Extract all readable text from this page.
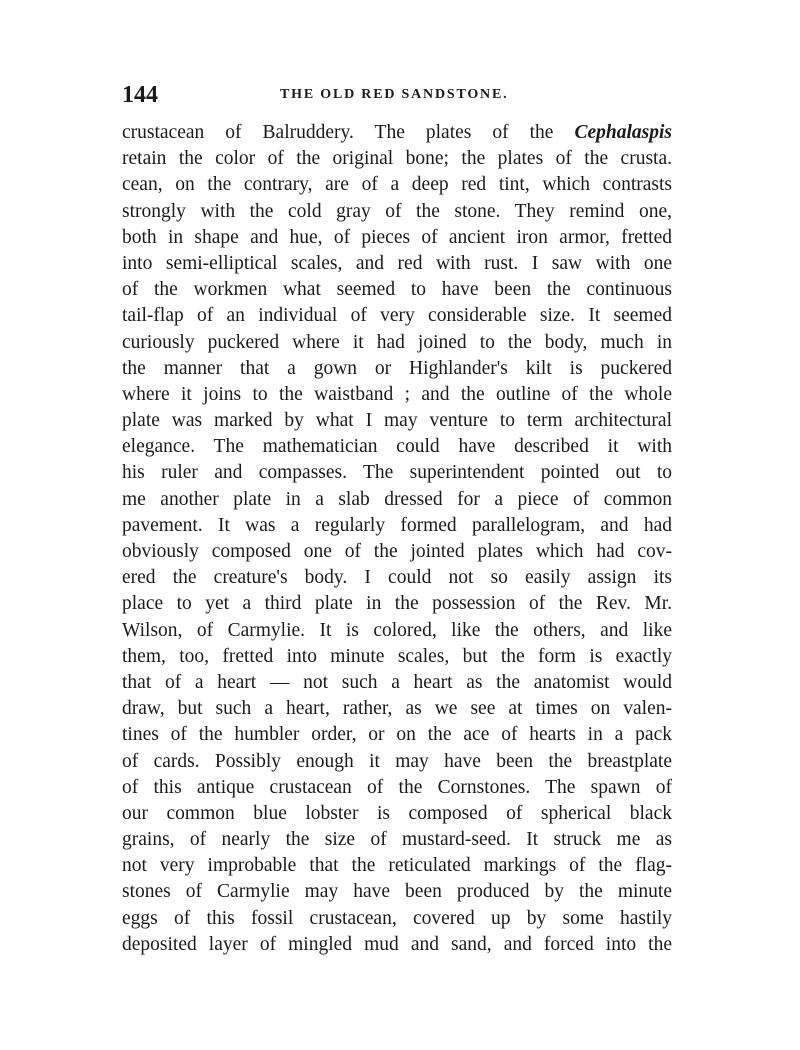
144	THE OLD RED SANDSTONE.
crustacean of Balruddery. The plates of the Cephalaspis
retain the color of the original bone; the plates of the crusta.
cean, on the contrary, are of a deep red tint, which contrasts
strongly with the cold gray of the stone. They remind one,
both in shape and hue, of pieces of ancient iron armor, fretted
into semi-elliptical scales, and red with rust. I saw with one
of the workmen what seemed to have been the continuous
tail-flap of an individual of very considerable size. It seemed
curiously puckered where it had joined to the body, much in
the manner that a gown or Highlander's kilt is puckered
where it joins to the waistband ; and the outline of the whole
plate was marked by what I may venture to term architectural
elegance. The mathematician could have described it with
his ruler and compasses. The superintendent pointed out to
me another plate in a slab dressed for a piece of common
pavement. It was a regularly formed parallelogram, and had
obviously composed one of the jointed plates which had cov-
ered the creature's body. I could not so easily assign its
place to yet a third plate in the possession of the Rev. Mr.
Wilson, of Carmylie. It is colored, like the others, and like
them, too, fretted into minute scales, but the form is exactly
that of a heart — not such a heart as the anatomist would
draw, but such a heart, rather, as we see at times on valen-
tines of the humbler order, or on the ace of hearts in a pack
of cards. Possibly enough it may have been the breastplate
of this antique crustacean of the Cornstones. The spawn of
our common blue lobster is composed of spherical black
grains, of nearly the size of mustard-seed. It struck me as
not very improbable that the reticulated markings of the flag-
stones of Carmylie may have been produced by the minute
eggs of this fossil crustacean, covered up by some hastily
deposited layer of mingled mud and sand, and forced into the
